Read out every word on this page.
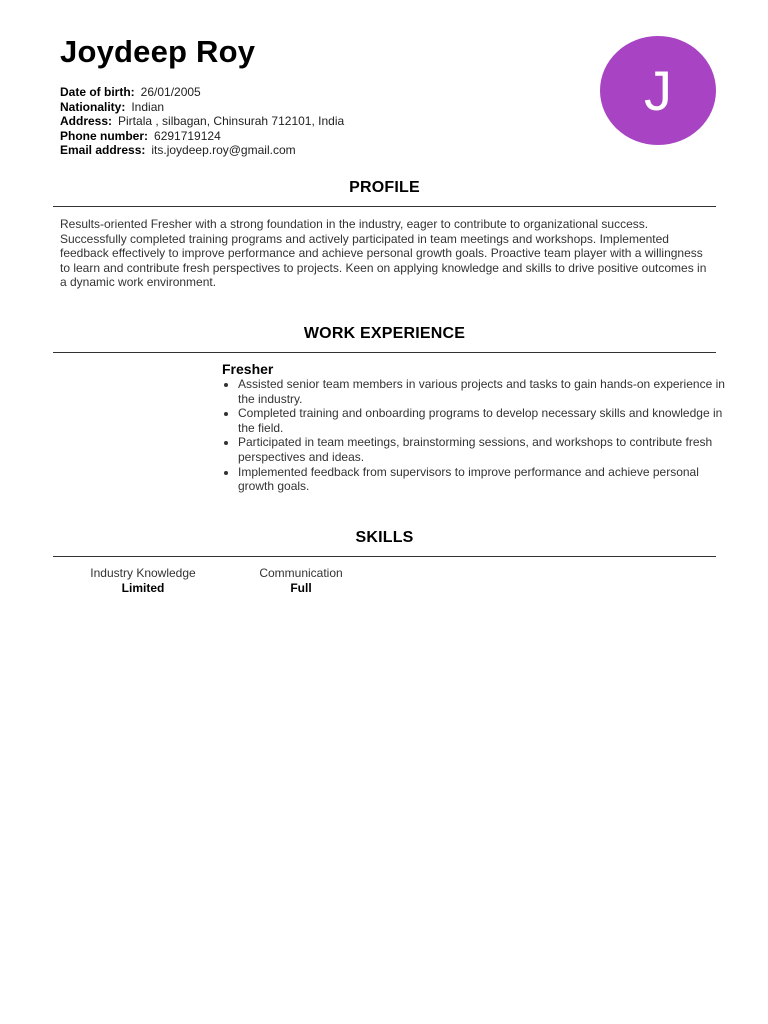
Joydeep Roy
Date of birth: 26/01/2005
Nationality: Indian
Address: Pirtala , silbagan, Chinsurah 712101, India
Phone number: 6291719124
Email address: its.joydeep.roy@gmail.com
J
PROFILE
Results-oriented Fresher with a strong foundation in the industry, eager to contribute to organizational success. Successfully completed training programs and actively participated in team meetings and workshops. Implemented feedback effectively to improve performance and achieve personal growth goals. Proactive team player with a willingness to learn and contribute fresh perspectives to projects. Keen on applying knowledge and skills to drive positive outcomes in a dynamic work environment.
WORK EXPERIENCE
Fresher
• Assisted senior team members in various projects and tasks to gain hands-on experience in the industry.
• Completed training and onboarding programs to develop necessary skills and knowledge in the field.
• Participated in team meetings, brainstorming sessions, and workshops to contribute fresh perspectives and ideas.
• Implemented feedback from supervisors to improve performance and achieve personal growth goals.
SKILLS
Industry Knowledge
Limited
Communication
Full
